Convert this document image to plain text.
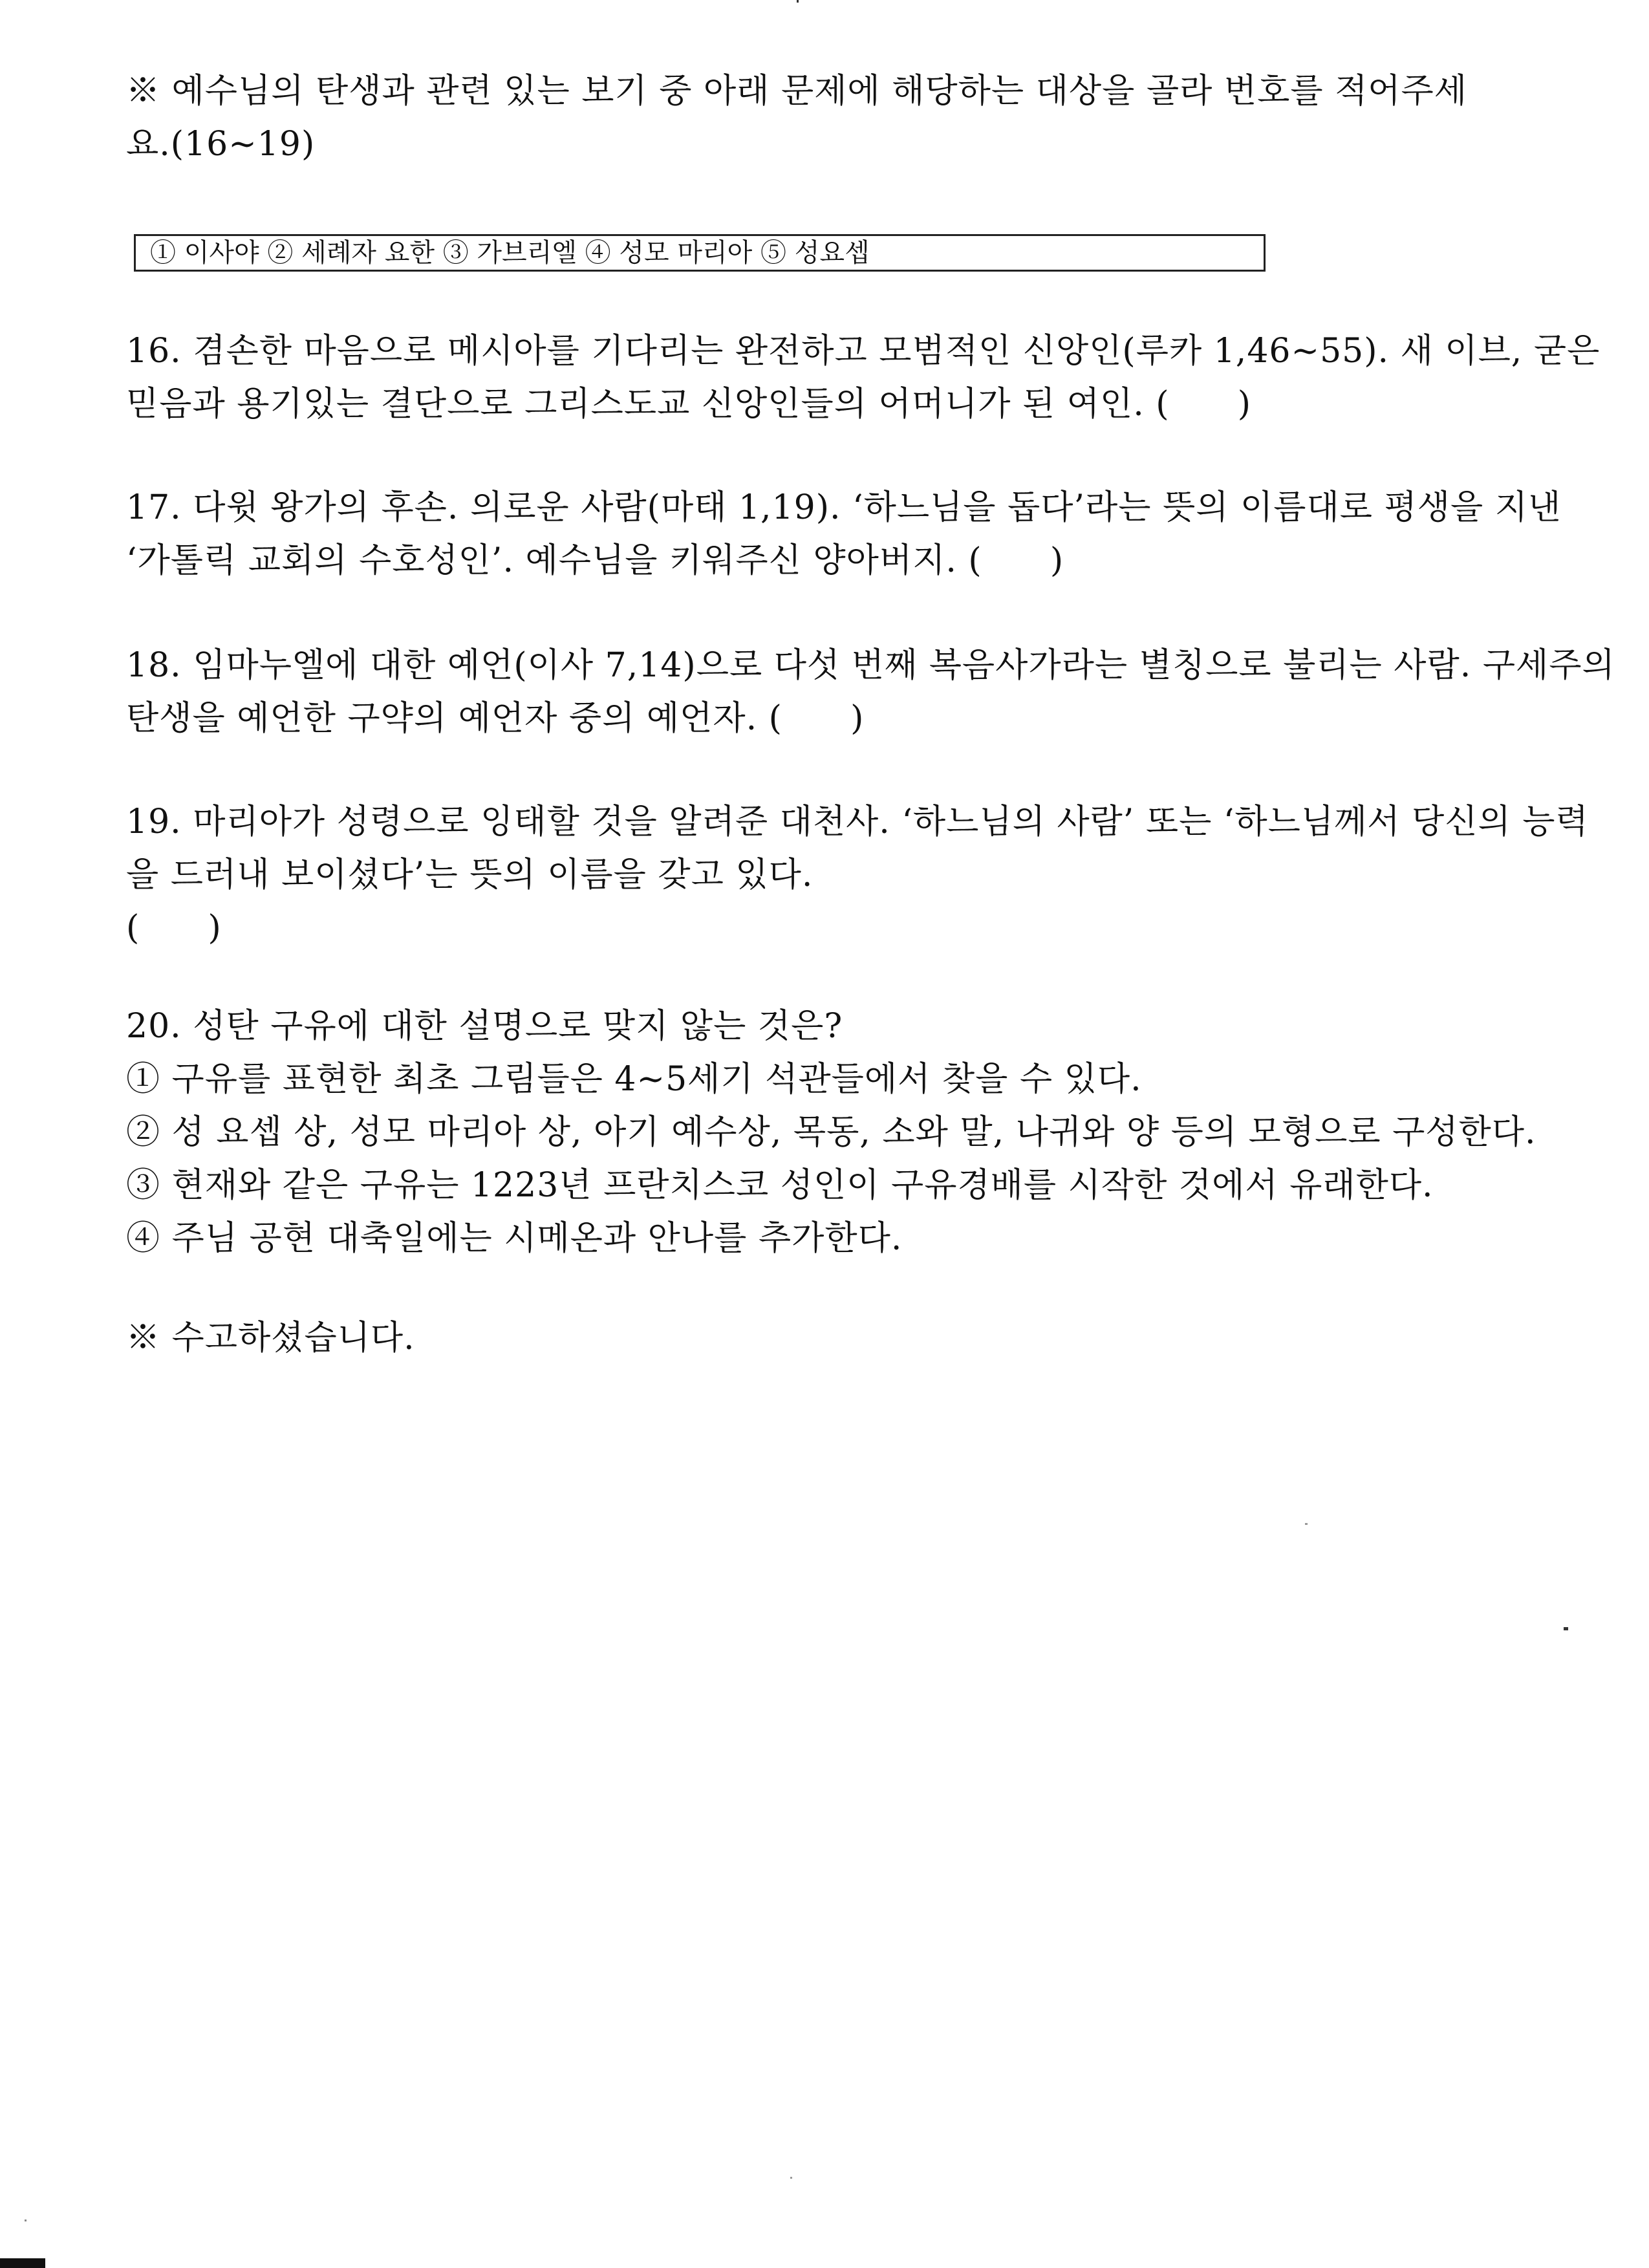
※ 예수님의 탄생과 관련 있는 보기 중 아래 문제에 해당하는 대상을 골라 번호를 적어주세
요.(16~19)

① 이사야 ② 세례자 요한 ③ 가브리엘 ④ 성모 마리아 ⑤ 성요셉

16. 겸손한 마음으로 메시아를 기다리는 완전하고 모범적인 신앙인(루카 1,46~55). 새 이브, 굳은
믿음과 용기있는 결단으로 그리스도교 신앙인들의 어머니가 된 여인. (      )

17. 다윗 왕가의 후손. 의로운 사람(마태 1,19). ‘하느님을 돕다’라는 뜻의 이름대로 평생을 지낸
‘가톨릭 교회의 수호성인’. 예수님을 키워주신 양아버지. (      )

18. 임마누엘에 대한 예언(이사 7,14)으로 다섯 번째 복음사가라는 별칭으로 불리는 사람. 구세주의
탄생을 예언한 구약의 예언자 중의 예언자. (      )

19. 마리아가 성령으로 잉태할 것을 알려준 대천사. ‘하느님의 사람’ 또는 ‘하느님께서 당신의 능력
을 드러내 보이셨다’는 뜻의 이름을 갖고 있다.
(      )

20. 성탄 구유에 대한 설명으로 맞지 않는 것은?
① 구유를 표현한 최초 그림들은 4~5세기 석관들에서 찾을 수 있다.
② 성 요셉 상, 성모 마리아 상, 아기 예수상, 목동, 소와 말, 나귀와 양 등의 모형으로 구성한다.
③ 현재와 같은 구유는 1223년 프란치스코 성인이 구유경배를 시작한 것에서 유래한다.
④ 주님 공현 대축일에는 시메온과 안나를 추가한다.

※ 수고하셨습니다.
